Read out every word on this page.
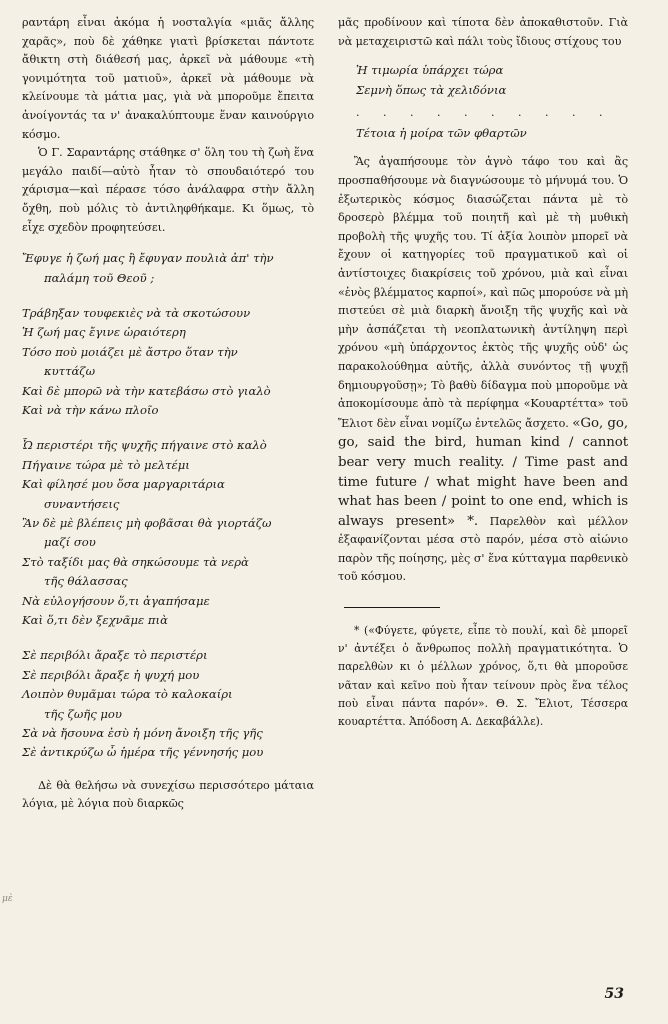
ραντάρη εἶναι ἀκόμα ἡ νοσταλγία «μιᾶς ἄλλης χαρᾶς», ποὺ δὲ χάθηκε γιατὶ βρίσκεται πάντοτε ἄθικτη στὴ διάθεσή μας, ἀρκεῖ νὰ μάθουμε «τὴ γονιμότητα τοῦ ματιοῦ», ἀρκεῖ νὰ μάθουμε νὰ κλείνουμε τὰ μάτια μας, γιὰ νὰ μποροῦμε ἔπειτα ἀνοίγοντάς τα ν' ἀνακαλύπτουμε ἕναν καινούργιο κόσμο.

Ὁ Γ. Σαραντάρης στάθηκε σ' ὅλη του τὴ ζωὴ ἕνα μεγάλο παιδί—αὐτὸ ἦταν τὸ σπουδαιότερό του χάρισμα—καὶ πέρασε τόσο ἀνάλαφρα στὴν ἄλλη ὄχθη, ποὺ μόλις τὸ ἀντιληφθήκαμε. Κι ὅμως, τὸ εἶχε σχεδὸν προφητεύσει.

Ἔφυγε ἡ ζωή μας ἢ ἔφυγαν πουλιὰ ἀπ' τὴν
παλάμη τοῦ Θεοῦ ;
Τράβηξαν τουφεκιὲς νὰ τὰ σκοτώσουν
Ἡ ζωή μας ἔγινε ὡραιότερη
Τόσο ποὺ μοιάζει μὲ ἄστρο ὅταν τὴν
κυττάζω
Καὶ δὲ μπορῶ νὰ τὴν κατεβάσω στὸ γιαλὸ
Καὶ νὰ τὴν κάνω πλοῖο
Ὦ περιστέρι τῆς ψυχῆς πήγαινε στὸ καλὸ
Πήγαινε τώρα μὲ τὸ μελτέμι
Καὶ φίλησέ μου ὅσα μαργαριτάρια
συναντήσεις
Ἂν δὲ μὲ βλέπεις μὴ φοβᾶσαι θὰ γιορτάζω
μαζί σου
Στὸ ταξίδι μας θὰ σηκώσουμε τὰ νερὰ
τῆς θάλασσας
Νὰ εὐλογήσουν ὅ,τι ἀγαπήσαμε
Καὶ ὅ,τι δὲν ξεχνᾶμε πιὰ
Σὲ περιβόλι ἄραξε τὸ περιστέρι
Σὲ περιβόλι ἄραξε ἡ ψυχή μου
Λοιπὸν θυμᾶμαι τώρα τὸ καλοκαίρι
τῆς ζωῆς μου
Σὰ νὰ ἤσουνα ἐσὺ ἡ μόνη ἄνοιξη τῆς γῆς
Σὲ ἀντικρύζω ὦ ἡμέρα τῆς γέννησής μου

Δὲ θὰ θελήσω νὰ συνεχίσω περισσότερο μάταια λόγια, μὲ λόγια ποὺ διαρκῶς

μὲ

μᾶς προδίνουν καὶ τίποτα δὲν ἀποκαθιστοῦν. Γιὰ νὰ μεταχειριστῶ καὶ πάλι τοὺς ἴδιους στίχους του

Ἡ τιμωρία ὑπάρχει τώρα
Σεμνὴ ὅπως τὰ χελιδόνια
. . . . . . . . . .
Τέτοια ἡ μοίρα τῶν φθαρτῶν

Ἂς ἀγαπήσουμε τὸν ἁγνὸ τάφο του καὶ ἂς προσπαθήσουμε νὰ διαγνώσουμε τὸ μήνυμά του. Ὁ ἐξωτερικὸς κόσμος διασώζεται πάντα μὲ τὸ δροσερὸ βλέμμα τοῦ ποιητῆ καὶ μὲ τὴ μυθικὴ προβολὴ τῆς ψυχῆς του. Τί ἀξία λοιπὸν μπορεῖ νὰ ἔχουν οἱ κατηγορίες τοῦ πραγματικοῦ καὶ οἱ ἀντίστοιχες διακρίσεις τοῦ χρόνου, μιὰ καὶ εἶναι «ἑνὸς βλέμματος καρποί», καὶ πῶς μπορούσε νὰ μὴ πιστεύει σὲ μιὰ διαρκὴ ἄνοιξη τῆς ψυχῆς καὶ νὰ μὴν ἀσπάζεται τὴ νεοπλατωνικὴ ἀντίληψη περὶ χρόνου «μὴ ὑπάρχοντος ἐκτὸς τῆς ψυχῆς οὐδ' ὡς παρακολούθημα αὐτῆς, ἀλλὰ συνόντος τῇ ψυχῇ δημιουργοῦσῃ»; Τὸ βαθὺ δίδαγμα ποὺ μποροῦμε νὰ ἀποκομίσουμε ἀπὸ τὰ περίφημα «Κουαρτέττα» τοῦ Ἔλιοτ δὲν εἶναι νομίζω ἐντελῶς ἄσχετο. «Go, go, go, said the bird, human kind / cannot bear very much reality. / Time past and time future / what might have been and what has been / point to one end, which is always present» *. Παρελθὸν καὶ μέλλον ἐξαφανίζονται μέσα στὸ παρόν, μέσα στὸ αἰώνιο παρὸν τῆς ποίησης, μὲς σ' ἕνα κύτταγμα παρθενικὸ τοῦ κόσμου.

* («Φύγετε, φύγετε, εἶπε τὸ πουλί, καὶ δὲ μπορεῖ ν' ἀντέξει ὁ ἄνθρωπος πολλὴ πραγματικότητα. Ὁ παρελθὼν κι ὁ μέλλων χρόνος, ὅ,τι θὰ μποροῦσε νᾶταν καὶ κεῖνο ποὺ ἦταν τείνουν πρὸς ἕνα τέλος ποὺ εἶναι πάντα παρόν». Θ. Σ. Ἔλιοτ, Τέσσερα κουαρτέττα. Ἀπόδοση Α. Δεκαβάλλε).

53
